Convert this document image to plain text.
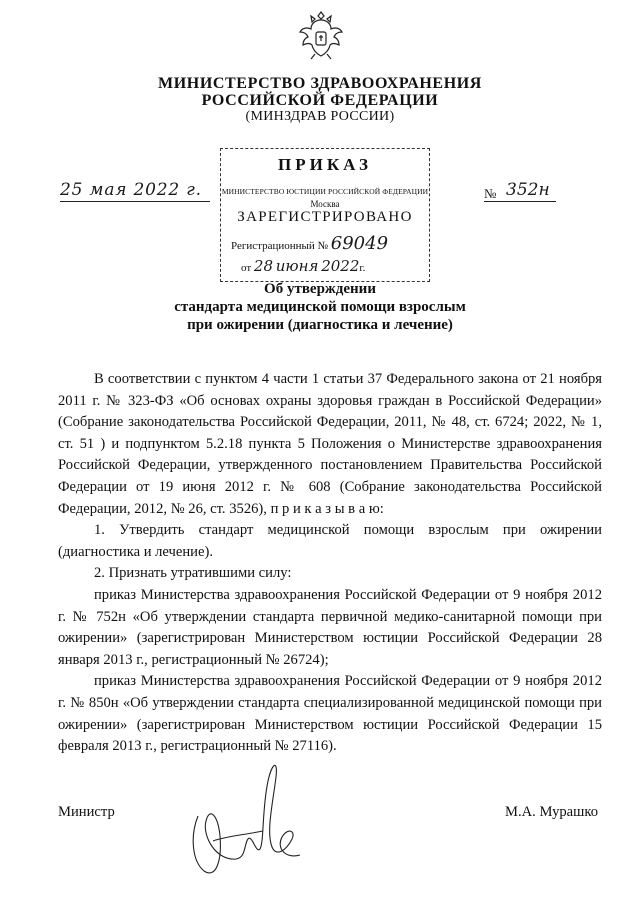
МИНИСТЕРСТВО ЗДРАВООХРАНЕНИЯ
РОССИЙСКОЙ ФЕДЕРАЦИИ
(МИНЗДРАВ РОССИИ)
25 мая 2022 г.
ПРИКАЗ
МИНИСТЕРСТВО ЮСТИЦИИ РОССИЙСКОЙ ФЕДЕРАЦИИ
Москва
ЗАРЕГИСТРИРОВАНО
Регистрационный № 69049
от 28 июня 2022г.
№ 352н
Об утверждении
стандарта медицинской помощи взрослым
при ожирении (диагностика и лечение)

В соответствии с пунктом 4 части 1 статьи 37 Федерального закона от 21 ноября 2011 г. № 323-ФЗ «Об основах охраны здоровья граждан в Российской Федерации» (Собрание законодательства Российской Федерации, 2011, № 48, ст. 6724; 2022, № 1, ст. 51 ) и подпунктом 5.2.18 пункта 5 Положения о Министерстве здравоохранения Российской Федерации, утвержденного постановлением Правительства Российской Федерации от 19 июня 2012 г. № 608 (Собрание законодательства Российской Федерации, 2012, № 26, ст. 3526), п р и к а з ы в а ю:

1. Утвердить стандарт медицинской помощи взрослым при ожирении (диагностика и лечение).

2. Признать утратившими силу:

приказ Министерства здравоохранения Российской Федерации от 9 ноября 2012 г. № 752н «Об утверждении стандарта первичной медико-санитарной помощи при ожирении» (зарегистрирован Министерством юстиции Российской Федерации 28 января 2013 г., регистрационный № 26724);

приказ Министерства здравоохранения Российской Федерации от 9 ноября 2012 г. № 850н «Об утверждении стандарта специализированной медицинской помощи при ожирении» (зарегистрирован Министерством юстиции Российской Федерации 15 февраля 2013 г., регистрационный № 27116).

Министр	М.А. Мурашко
